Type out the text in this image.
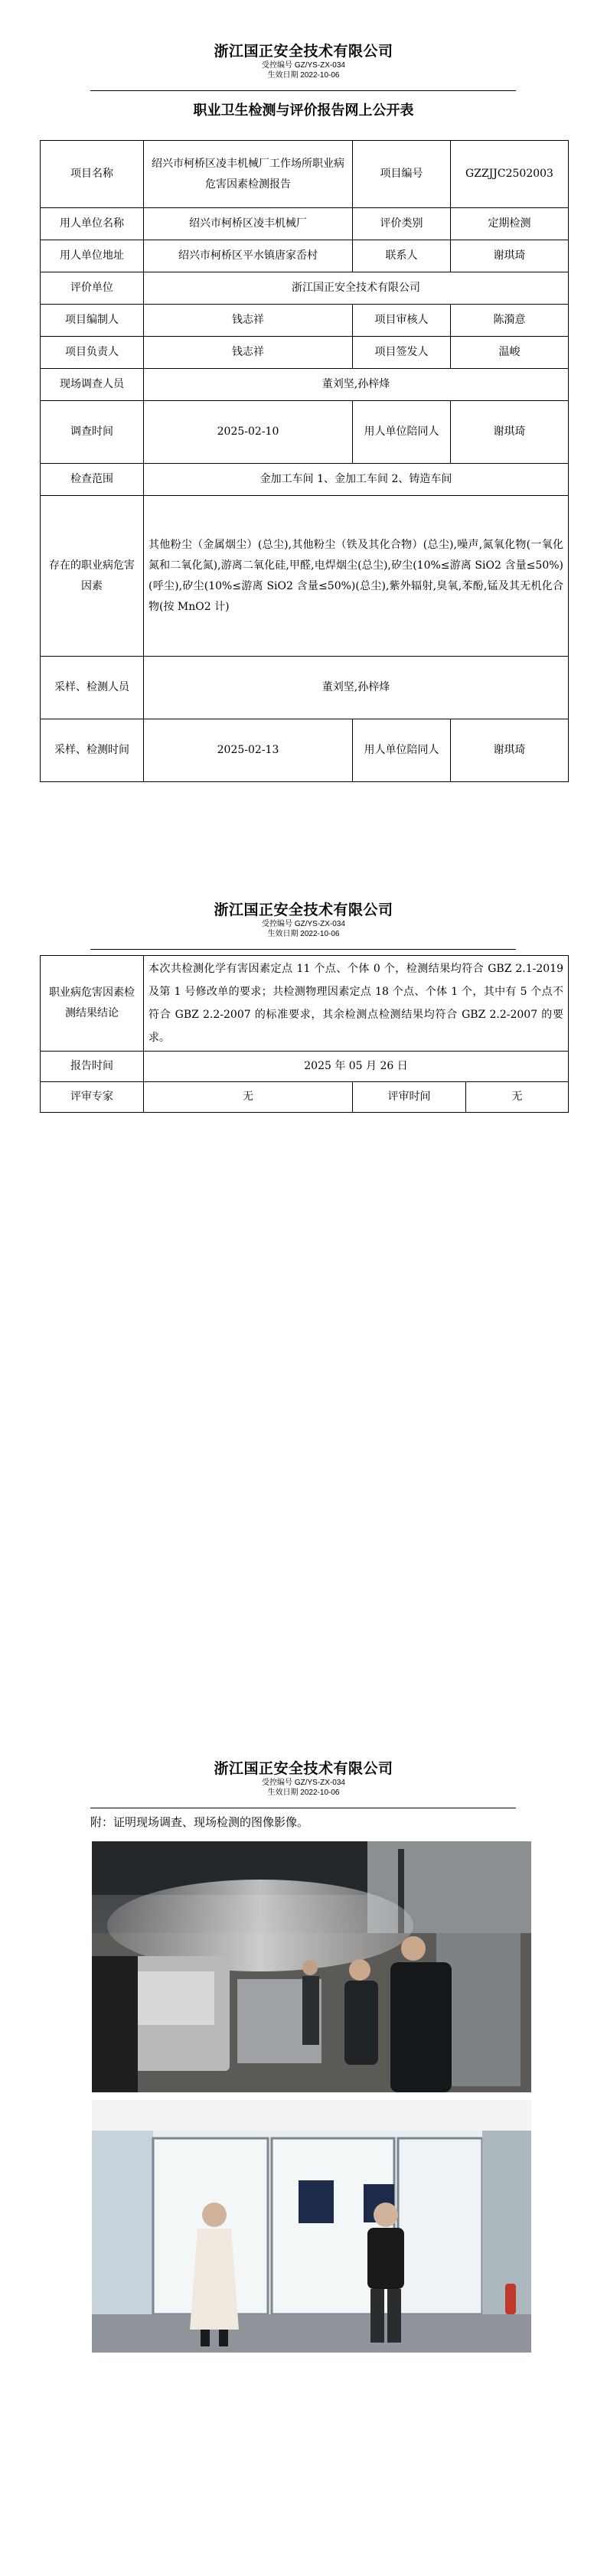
浙江国正安全技术有限公司
受控编号 GZ/YS-ZX-034
生效日期 2022-10-06
职业卫生检测与评价报告网上公开表
项目名称	绍兴市柯桥区凌丰机械厂工作场所职业病危害因素检测报告	项目编号	GZZJJC2502003
用人单位名称	绍兴市柯桥区凌丰机械厂	评价类别	定期检测
用人单位地址	绍兴市柯桥区平水镇唐家岙村	联系人	谢琪琦
评价单位	浙江国正安全技术有限公司		
项目编制人	钱志祥	项目审核人	陈漪意
项目负责人	钱志祥	项目签发人	温峻
现场调查人员	董刘坚,孙梓烽		
调查时间	2025-02-10	用人单位陪同人	谢琪琦
检查范围	金加工车间 1、金加工车间 2、铸造车间		
存在的职业病危害因素	其他粉尘（金属烟尘）(总尘),其他粉尘（铁及其化合物）(总尘),噪声,氮氧化物(一氧化氮和二氧化氮),游离二氧化硅,甲醛,电焊烟尘(总尘),矽尘(10%≤游离 SiO2 含量≤50%)(呼尘),矽尘(10%≤游离 SiO2 含量≤50%)(总尘),紫外辐射,臭氧,苯酚,锰及其无机化合物(按 MnO2 计)		
采样、检测人员	董刘坚,孙梓烽		
采样、检测时间	2025-02-13	用人单位陪同人	谢琪琦
浙江国正安全技术有限公司
受控编号 GZ/YS-ZX-034
生效日期 2022-10-06
职业病危害因素检测结果结论	本次共检测化学有害因素定点 11 个点、个体 0 个，检测结果均符合 GBZ 2.1-2019 及第 1 号修改单的要求；共检测物理因素定点 18 个点、个体 1 个，其中有 5 个点不符合 GBZ 2.2-2007 的标准要求，其余检测点检测结果均符合 GBZ 2.2-2007 的要求。		
报告时间	2025 年 05 月 26 日		
评审专家	无	评审时间	无
浙江国正安全技术有限公司
受控编号 GZ/YS-ZX-034
生效日期 2022-10-06
附：证明现场调查、现场检测的图像影像。
